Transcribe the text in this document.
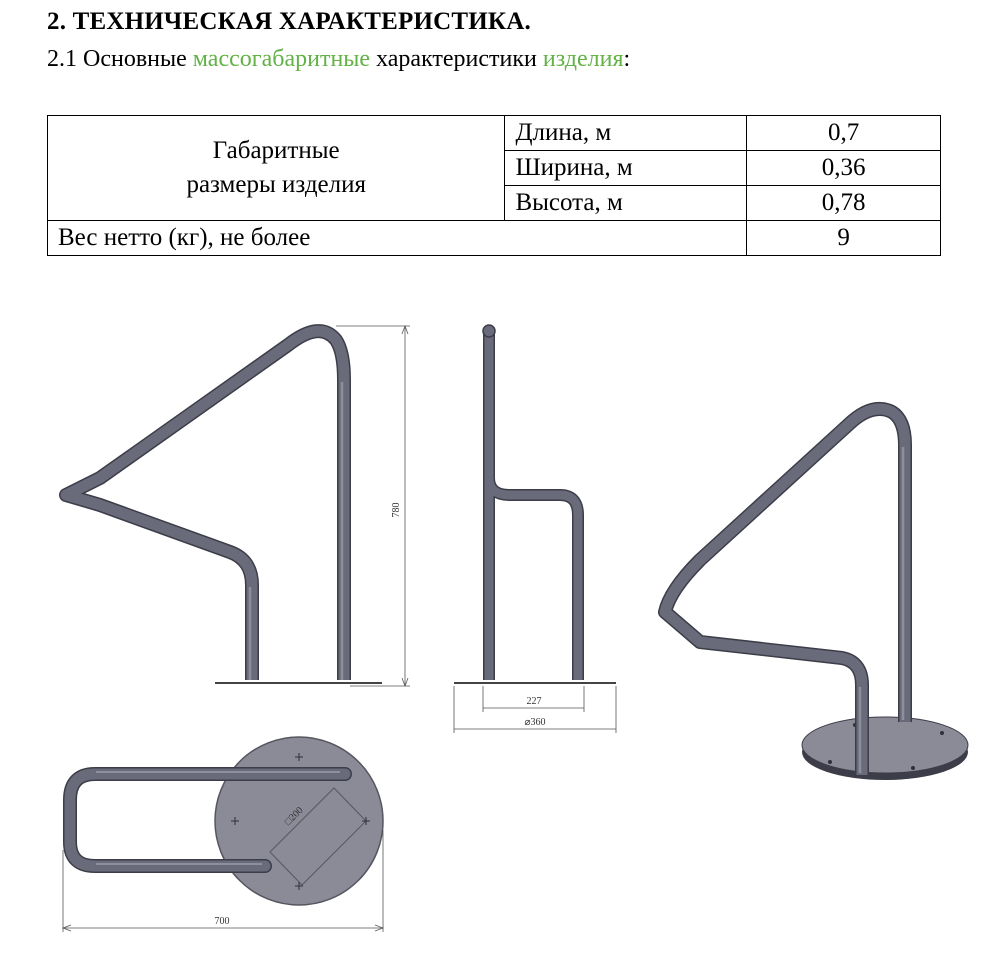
2. ТЕХНИЧЕСКАЯ ХАРАКТЕРИСТИКА.
2.1 Основные массогабаритные характеристики изделия:
Габаритные
размеры изделия	Длина, м	0,7
	Ширина, м	0,36
	Высота, м	0,78
Вес нетто (кг), не более		9
780
227
⌀360
□200
700
